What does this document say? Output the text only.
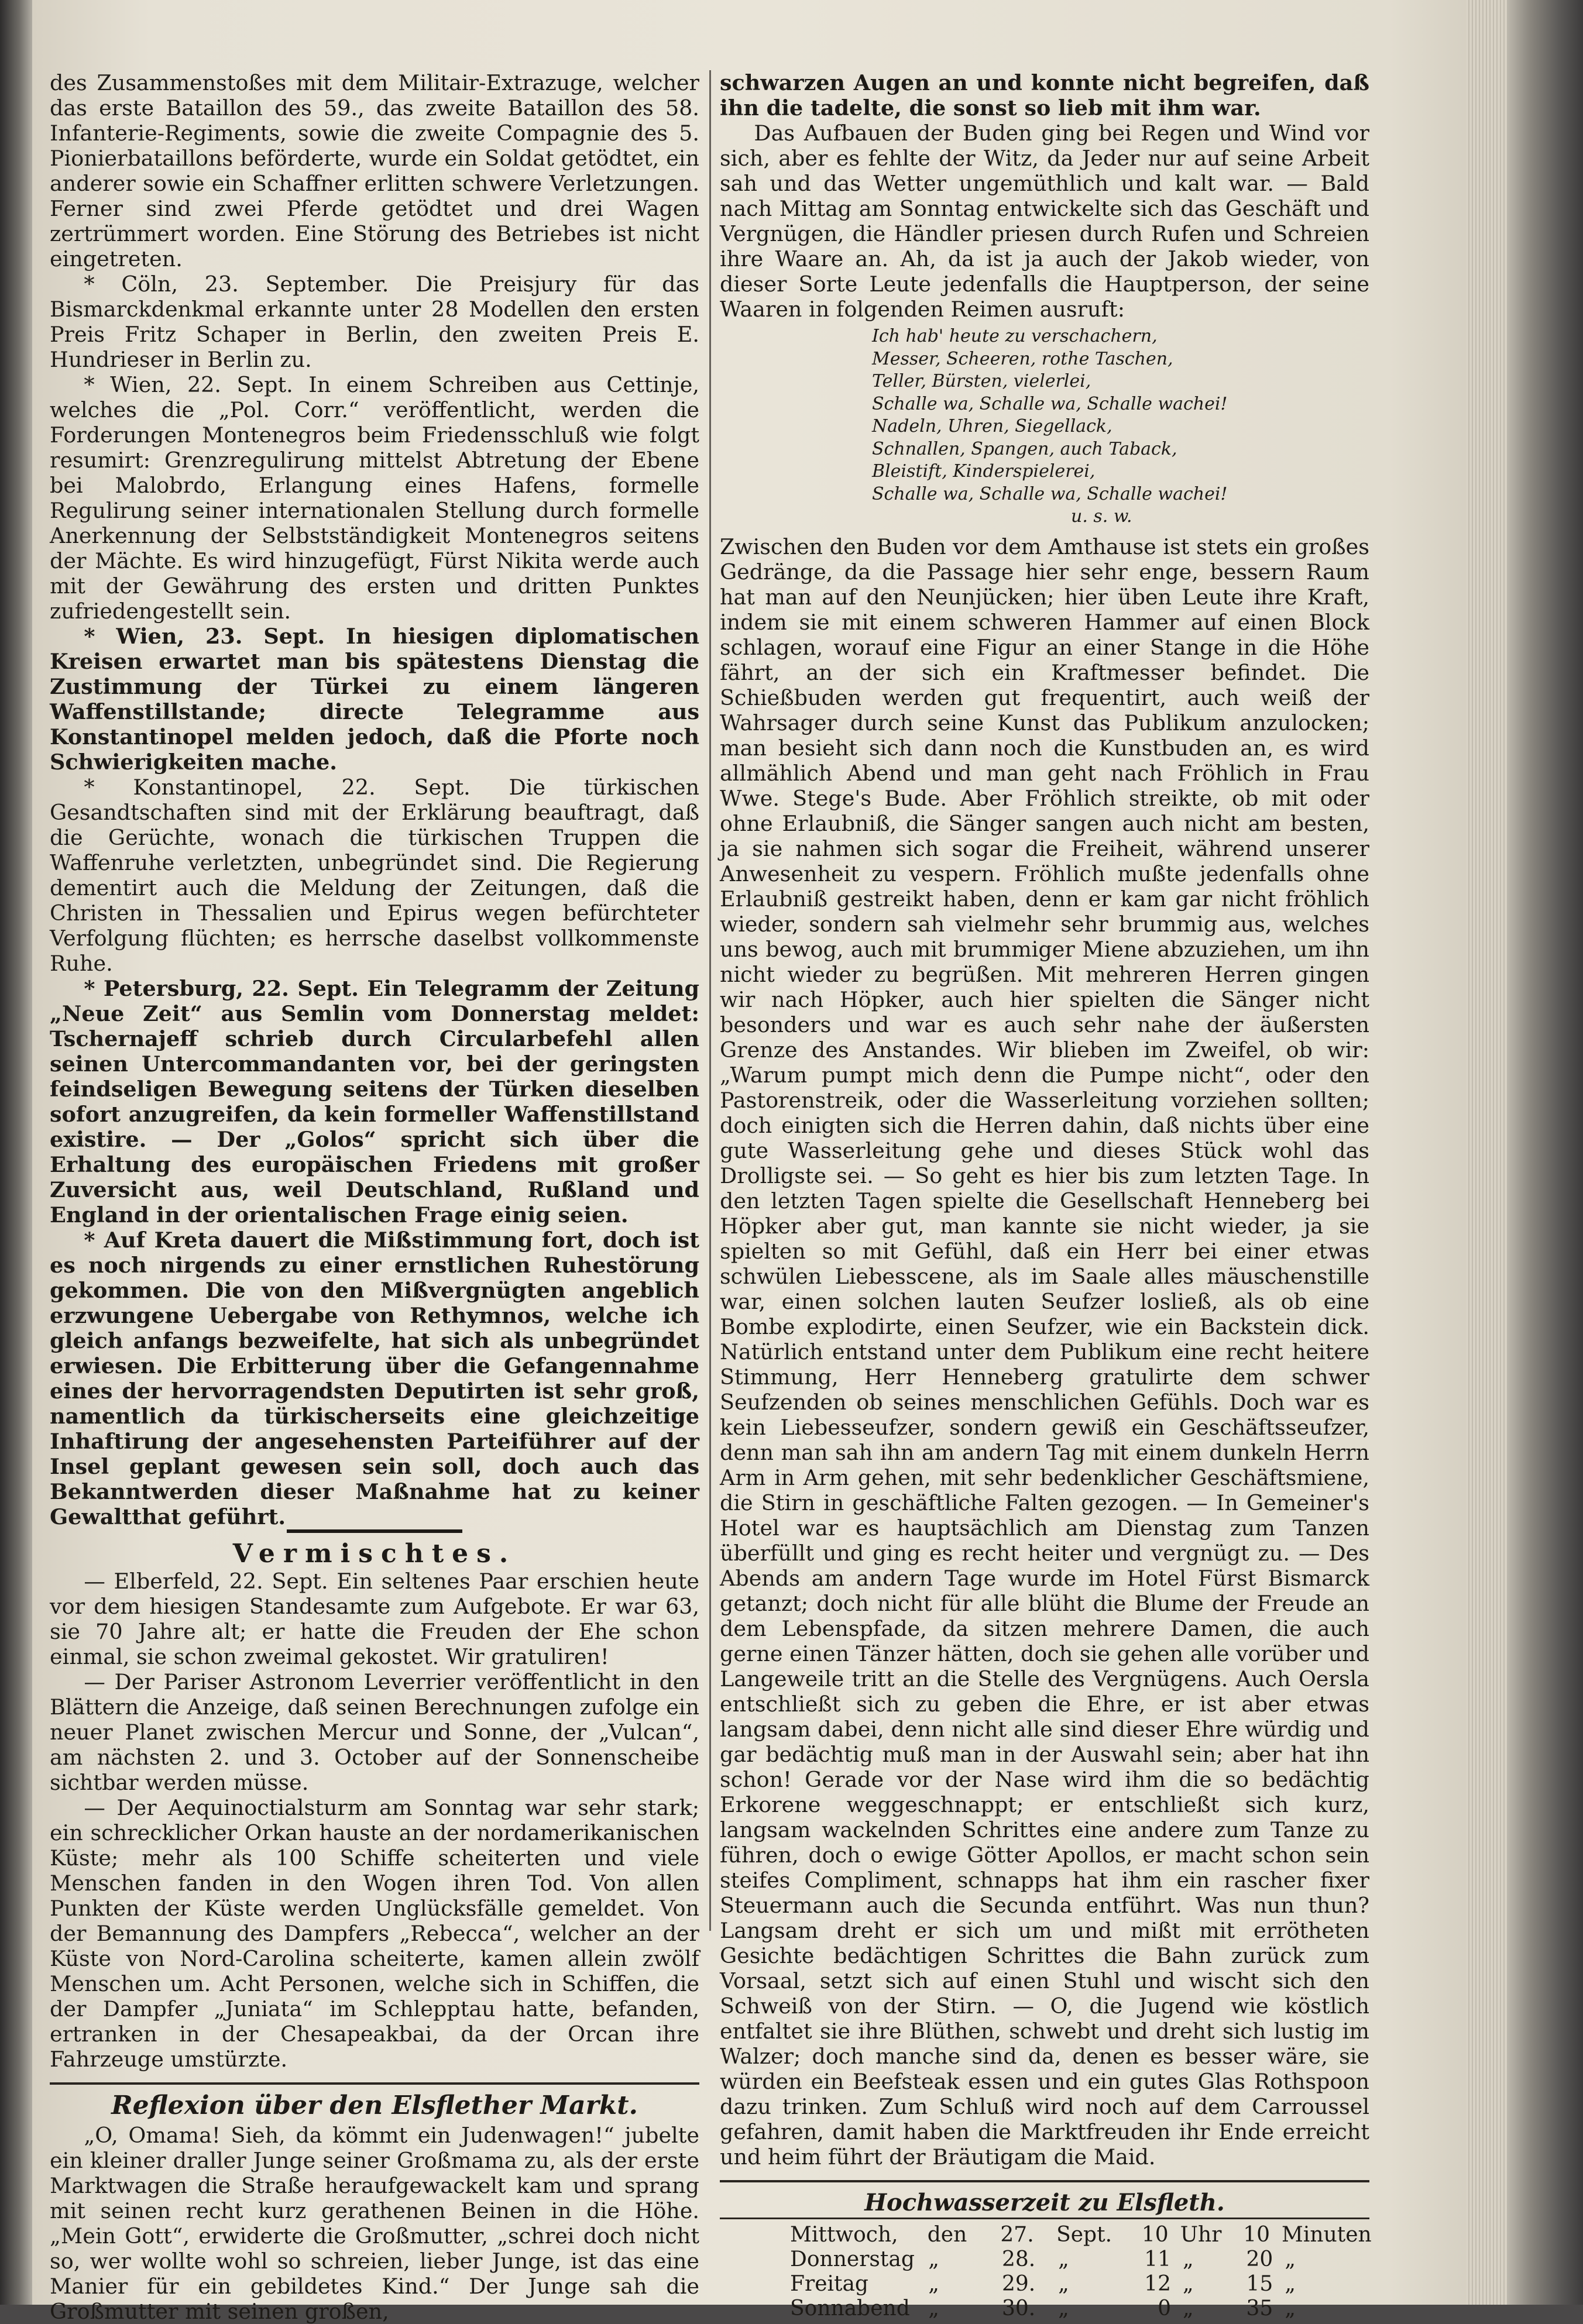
des Zusammenstoßes mit dem Militair-Extrazuge, welcher das erste Bataillon des 59., das zweite Bataillon des 58. Infanterie-Regiments, sowie die zweite Compagnie des 5. Pionierbataillons beförderte, wurde ein Soldat getödtet, ein anderer sowie ein Schaffner erlitten schwere Verletzungen. Ferner sind zwei Pferde getödtet und drei Wagen zertrümmert worden. Eine Störung des Betriebes ist nicht eingetreten.

* Cöln, 23. September. Die Preisjury für das Bismarckdenkmal erkannte unter 28 Modellen den ersten Preis Fritz Schaper in Berlin, den zweiten Preis E. Hundrieser in Berlin zu.

* Wien, 22. Sept. In einem Schreiben aus Cettinje, welches die „Pol. Corr.“ veröffentlicht, werden die Forderungen Montenegros beim Friedensschluß wie folgt resumirt: Grenzregulirung mittelst Abtretung der Ebene bei Malobrdo, Erlangung eines Hafens, formelle Regulirung seiner internationalen Stellung durch formelle Anerkennung der Selbstständigkeit Montenegros seitens der Mächte. Es wird hinzugefügt, Fürst Nikita werde auch mit der Gewährung des ersten und dritten Punktes zufriedengestellt sein.

* Wien, 23. Sept. In hiesigen diplomatischen Kreisen erwartet man bis spätestens Dienstag die Zustimmung der Türkei zu einem längeren Waffenstillstande; directe Telegramme aus Konstantinopel melden jedoch, daß die Pforte noch Schwierigkeiten mache.

* Konstantinopel, 22. Sept. Die türkischen Gesandtschaften sind mit der Erklärung beauftragt, daß die Gerüchte, wonach die türkischen Truppen die Waffenruhe verletzten, unbegründet sind. Die Regierung dementirt auch die Meldung der Zeitungen, daß die Christen in Thessalien und Epirus wegen befürchteter Verfolgung flüchten; es herrsche daselbst vollkommenste Ruhe.

* Petersburg, 22. Sept. Ein Telegramm der Zeitung „Neue Zeit“ aus Semlin vom Donnerstag meldet: Tschernajeff schrieb durch Circularbefehl allen seinen Untercommandanten vor, bei der geringsten feindseligen Bewegung seitens der Türken dieselben sofort anzugreifen, da kein formeller Waffenstillstand existire. — Der „Golos“ spricht sich über die Erhaltung des europäischen Friedens mit großer Zuversicht aus, weil Deutschland, Rußland und England in der orientalischen Frage einig seien.

* Auf Kreta dauert die Mißstimmung fort, doch ist es noch nirgends zu einer ernstlichen Ruhestörung gekommen. Die von den Mißvergnügten angeblich erzwungene Uebergabe von Rethymnos, welche ich gleich anfangs bezweifelte, hat sich als unbegründet erwiesen. Die Erbitterung über die Gefangennahme eines der hervorragendsten Deputirten ist sehr groß, namentlich da türkischerseits eine gleichzeitige Inhaftirung der angesehensten Parteiführer auf der Insel geplant gewesen sein soll, doch auch das Bekanntwerden dieser Maßnahme hat zu keiner Gewaltthat geführt.

Vermischtes.

— Elberfeld, 22. Sept. Ein seltenes Paar erschien heute vor dem hiesigen Standesamte zum Aufgebote. Er war 63, sie 70 Jahre alt; er hatte die Freuden der Ehe schon einmal, sie schon zweimal gekostet. Wir gratuliren!

— Der Pariser Astronom Leverrier veröffentlicht in den Blättern die Anzeige, daß seinen Berechnungen zufolge ein neuer Planet zwischen Mercur und Sonne, der „Vulcan“, am nächsten 2. und 3. October auf der Sonnenscheibe sichtbar werden müsse.

— Der Aequinoctialsturm am Sonntag war sehr stark; ein schrecklicher Orkan hauste an der nordamerikanischen Küste; mehr als 100 Schiffe scheiterten und viele Menschen fanden in den Wogen ihren Tod. Von allen Punkten der Küste werden Unglücksfälle gemeldet. Von der Bemannung des Dampfers „Rebecca“, welcher an der Küste von Nord-Carolina scheiterte, kamen allein zwölf Menschen um. Acht Personen, welche sich in Schiffen, die der Dampfer „Juniata“ im Schlepptau hatte, befanden, ertranken in der Chesapeakbai, da der Orcan ihre Fahrzeuge umstürzte.

Reflexion über den Elsflether Markt.

„O, Omama! Sieh, da kömmt ein Judenwagen!“ jubelte ein kleiner draller Junge seiner Großmama zu, als der erste Marktwagen die Straße heraufgewackelt kam und sprang mit seinen recht kurz gerathenen Beinen in die Höhe. „Mein Gott“, erwiderte die Großmutter, „schrei doch nicht so, wer wollte wohl so schreien, lieber Junge, ist das eine Manier für ein gebildetes Kind.“ Der Junge sah die Großmutter mit seinen großen,

schwarzen Augen an und konnte nicht begreifen, daß ihn die tadelte, die sonst so lieb mit ihm war.

Das Aufbauen der Buden ging bei Regen und Wind vor sich, aber es fehlte der Witz, da Jeder nur auf seine Arbeit sah und das Wetter ungemüthlich und kalt war. — Bald nach Mittag am Sonntag entwickelte sich das Geschäft und Vergnügen, die Händler priesen durch Rufen und Schreien ihre Waare an. Ah, da ist ja auch der Jakob wieder, von dieser Sorte Leute jedenfalls die Hauptperson, der seine Waaren in folgenden Reimen ausruft:

Ich hab' heute zu verschachern,
Messer, Scheeren, rothe Taschen,
Teller, Bürsten, vielerlei,
Schalle wa, Schalle wa, Schalle wachei!
Nadeln, Uhren, Siegellack,
Schnallen, Spangen, auch Taback,
Bleistift, Kinderspielerei,
Schalle wa, Schalle wa, Schalle wachei!
u. s. w.

Zwischen den Buden vor dem Amthause ist stets ein großes Gedränge, da die Passage hier sehr enge, bessern Raum hat man auf den Neunjücken; hier üben Leute ihre Kraft, indem sie mit einem schweren Hammer auf einen Block schlagen, worauf eine Figur an einer Stange in die Höhe fährt, an der sich ein Kraftmesser befindet. Die Schießbuden werden gut frequentirt, auch weiß der Wahrsager durch seine Kunst das Publikum anzulocken; man besieht sich dann noch die Kunstbuden an, es wird allmählich Abend und man geht nach Fröhlich in Frau Wwe. Stege's Bude. Aber Fröhlich streikte, ob mit oder ohne Erlaubniß, die Sänger sangen auch nicht am besten, ja sie nahmen sich sogar die Freiheit, während unserer Anwesenheit zu vespern. Fröhlich mußte jedenfalls ohne Erlaubniß gestreikt haben, denn er kam gar nicht fröhlich wieder, sondern sah vielmehr sehr brummig aus, welches uns bewog, auch mit brummiger Miene abzuziehen, um ihn nicht wieder zu begrüßen. Mit mehreren Herren gingen wir nach Höpker, auch hier spielten die Sänger nicht besonders und war es auch sehr nahe der äußersten Grenze des Anstandes. Wir blieben im Zweifel, ob wir: „Warum pumpt mich denn die Pumpe nicht“, oder den Pastorenstreik, oder die Wasserleitung vorziehen sollten; doch einigten sich die Herren dahin, daß nichts über eine gute Wasserleitung gehe und dieses Stück wohl das Drolligste sei. — So geht es hier bis zum letzten Tage. In den letzten Tagen spielte die Gesellschaft Henneberg bei Höpker aber gut, man kannte sie nicht wieder, ja sie spielten so mit Gefühl, daß ein Herr bei einer etwas schwülen Liebesscene, als im Saale alles mäuschenstille war, einen solchen lauten Seufzer losließ, als ob eine Bombe explodirte, einen Seufzer, wie ein Backstein dick. Natürlich entstand unter dem Publikum eine recht heitere Stimmung, Herr Henneberg gratulirte dem schwer Seufzenden ob seines menschlichen Gefühls. Doch war es kein Liebesseufzer, sondern gewiß ein Geschäftsseufzer, denn man sah ihn am andern Tag mit einem dunkeln Herrn Arm in Arm gehen, mit sehr bedenklicher Geschäftsmiene, die Stirn in geschäftliche Falten gezogen. — In Gemeiner's Hotel war es hauptsächlich am Dienstag zum Tanzen überfüllt und ging es recht heiter und vergnügt zu. — Des Abends am andern Tage wurde im Hotel Fürst Bismarck getanzt; doch nicht für alle blüht die Blume der Freude an dem Lebenspfade, da sitzen mehrere Damen, die auch gerne einen Tänzer hätten, doch sie gehen alle vorüber und Langeweile tritt an die Stelle des Vergnügens. Auch Oersla entschließt sich zu geben die Ehre, er ist aber etwas langsam dabei, denn nicht alle sind dieser Ehre würdig und gar bedächtig muß man in der Auswahl sein; aber hat ihn schon! Gerade vor der Nase wird ihm die so bedächtig Erkorene weggeschnappt; er entschließt sich kurz, langsam wackelnden Schrittes eine andere zum Tanze zu führen, doch o ewige Götter Apollos, er macht schon sein steifes Compliment, schnapps hat ihm ein rascher fixer Steuermann auch die Secunda entführt. Was nun thun? Langsam dreht er sich um und mißt mit errötheten Gesichte bedächtigen Schrittes die Bahn zurück zum Vorsaal, setzt sich auf einen Stuhl und wischt sich den Schweiß von der Stirn. — O, die Jugend wie köstlich entfaltet sie ihre Blüthen, schwebt und dreht sich lustig im Walzer; doch manche sind da, denen es besser wäre, sie würden ein Beefsteak essen und ein gutes Glas Rothspoon dazu trinken. Zum Schluß wird noch auf dem Carroussel gefahren, damit haben die Marktfreuden ihr Ende erreicht und heim führt der Bräutigam die Maid.

Hochwasserzeit zu Elsfleth.
Mittwoch,	den	27.	Sept.	10 Uhr	10 Minuten
Donnerstag „	28.	„	11 „	20 „
Freitag	„	29.	„	12 „	15 „
Sonnabend „	30.	„	0 „	35 „
